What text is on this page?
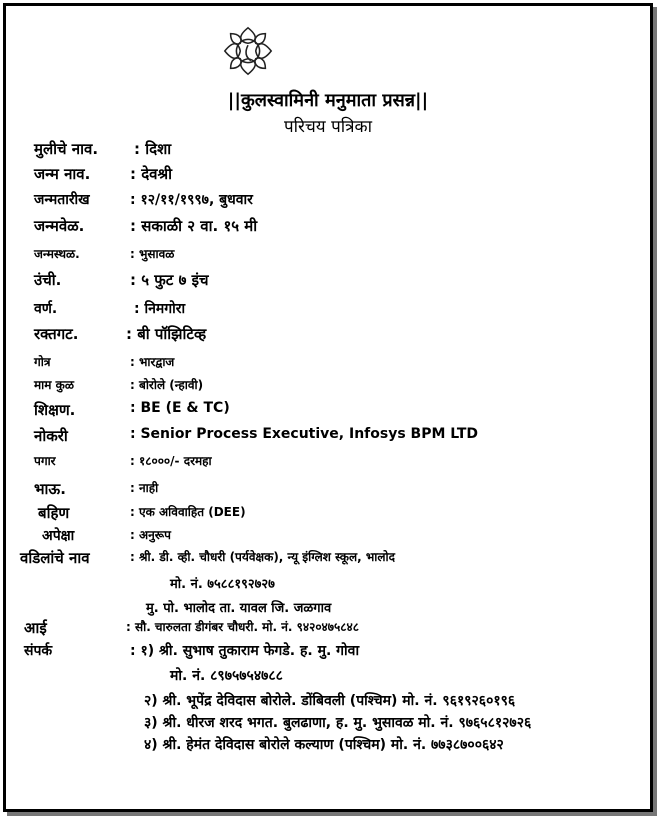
||कुलस्वामिनी मनुमाता प्रसन्न||
परिचय पत्रिका
मुलीचे नाव. : दिशा
जन्म नाव.	: देवश्री
जन्मतारीख	: १२/११/१९९७, बुधवार
जन्मवेळ.	: सकाळी २ वा. १५ मी
जन्मस्थळ.	: भुसावळ
उंची.	: ५ फुट ७ इंच
वर्ण.	: निमगोरा
रक्तगट.	: बी पॉझिटिव्ह
गोत्र	: भारद्वाज
माम कुळ	: बोरोले (न्हावी)
शिक्षण.	: BE (E & TC)
नोकरी	: Senior Process Executive, Infosys BPM LTD
पगार	: १८०००/- दरमहा
भाऊ.	: नाही
बहिण	: एक अविवाहित (DEE)
अपेक्षा	: अनुरूप
वडिलांचे नाव	: श्री. डी. व्ही. चौधरी (पर्यवेक्षक), न्यू इंग्लिश स्कूल, भालोद
मो. नं. ७५८८१९२७२७
मु. पो. भालोद ता. यावल जि. जळगाव
आई	: सौ. चारुलता डीगंबर चौधरी. मो. नं. ९४२०४७५८४८
संपर्क	: १) श्री. सुभाष तुकाराम फेगडे. ह. मु. गोवा
मो. नं. ८९७५७५४७८८
२) श्री. भूपेंद्र देविदास बोरोले. डोंबिवली (पश्चिम) मो. नं. ९६१९२६०१९६
३) श्री. धीरज शरद भगत. बुलढाणा, ह. मु. भुसावळ मो. नं. ९७६५८१२७२६
४) श्री. हेमंत देविदास बोरोले कल्याण (पश्चिम) मो. नं. ७७३८७००६४२
